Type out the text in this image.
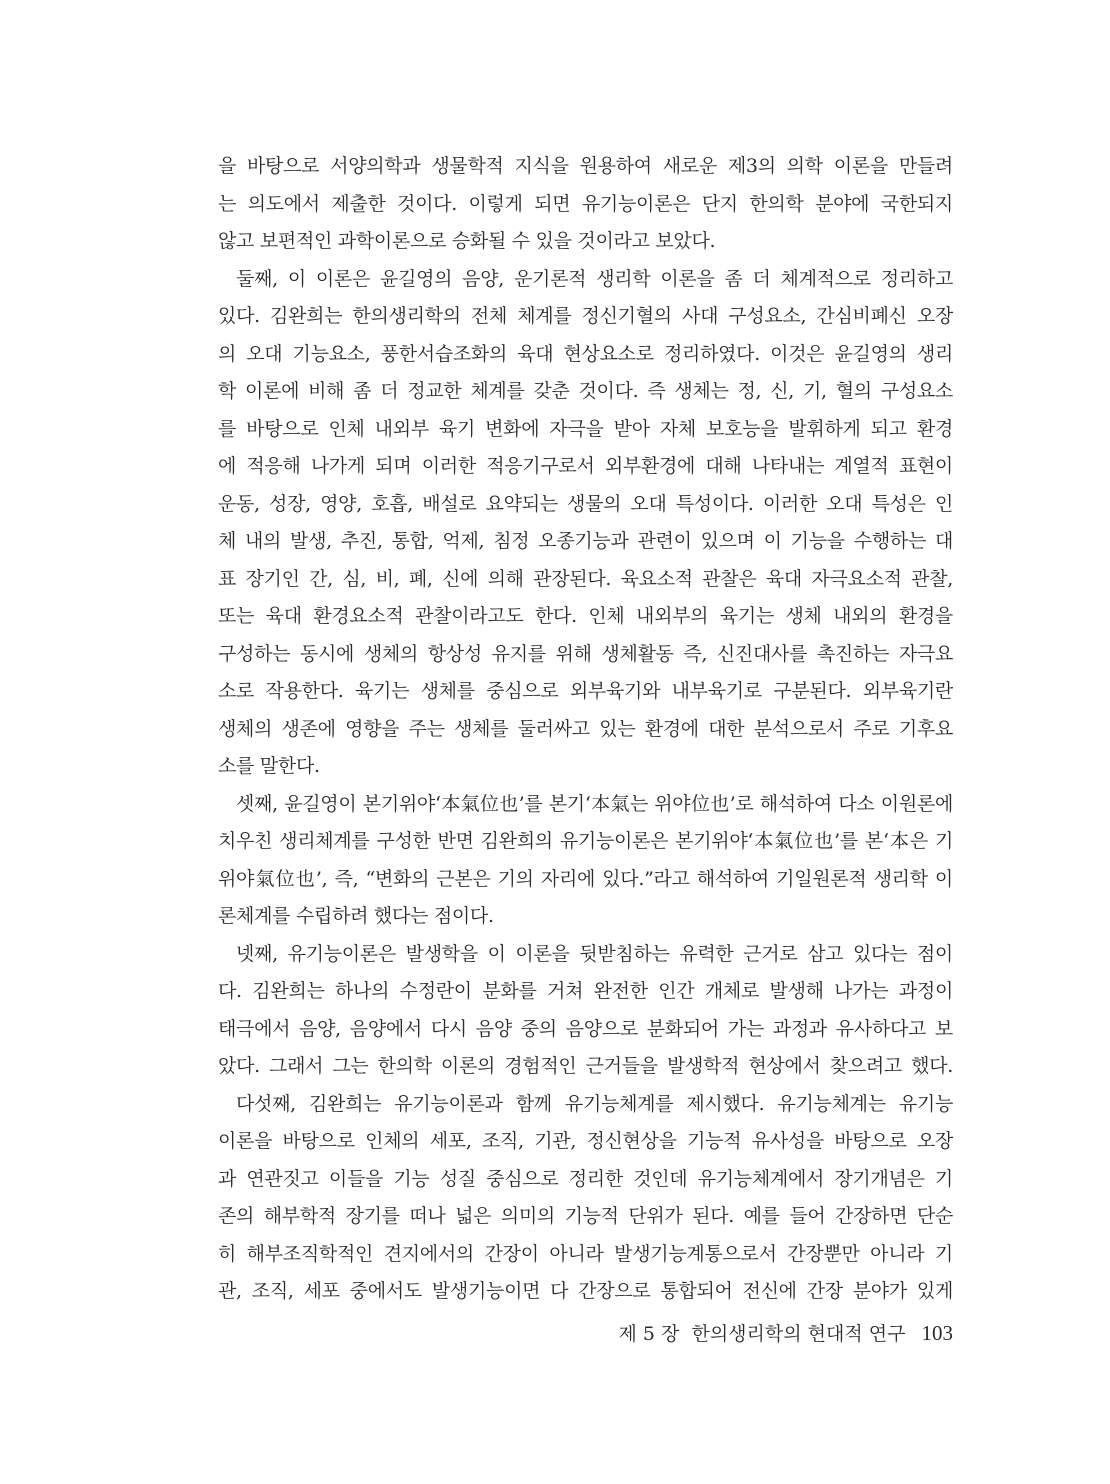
을 바탕으로 서양의학과 생물학적 지식을 원용하여 새로운 제3의 의학 이론을 만들려
는 의도에서 제출한 것이다. 이렇게 되면 유기능이론은 단지 한의학 분야에 국한되지
않고 보편적인 과학이론으로 승화될 수 있을 것이라고 보았다.
둘째, 이 이론은 윤길영의 음양, 운기론적 생리학 이론을 좀 더 체계적으로 정리하고
있다. 김완희는 한의생리학의 전체 체계를 정신기혈의 사대 구성요소, 간심비폐신 오장
의 오대 기능요소, 풍한서습조화의 육대 현상요소로 정리하였다. 이것은 윤길영의 생리
학 이론에 비해 좀 더 정교한 체계를 갖춘 것이다. 즉 생체는 정, 신, 기, 혈의 구성요소
를 바탕으로 인체 내외부 육기 변화에 자극을 받아 자체 보호능을 발휘하게 되고 환경
에 적응해 나가게 되며 이러한 적응기구로서 외부환경에 대해 나타내는 계열적 표현이
운동, 성장, 영양, 호흡, 배설로 요약되는 생물의 오대 특성이다. 이러한 오대 특성은 인
체 내의 발생, 추진, 통합, 억제, 침정 오종기능과 관련이 있으며 이 기능을 수행하는 대
표 장기인 간, 심, 비, 폐, 신에 의해 관장된다. 육요소적 관찰은 육대 자극요소적 관찰,
또는 육대 환경요소적 관찰이라고도 한다. 인체 내외부의 육기는 생체 내외의 환경을
구성하는 동시에 생체의 항상성 유지를 위해 생체활동 즉, 신진대사를 촉진하는 자극요
소로 작용한다. 육기는 생체를 중심으로 외부육기와 내부육기로 구분된다. 외부육기란
생체의 생존에 영향을 주는 생체를 둘러싸고 있는 환경에 대한 분석으로서 주로 기후요
소를 말한다.
셋째, 윤길영이 본기위야‘本氣位也’를 본기‘本氣는 위야位也’로 해석하여 다소 이원론에
치우친 생리체계를 구성한 반면 김완희의 유기능이론은 본기위야‘本氣位也’를 본‘本은 기
위야氣位也’, 즉, “변화의 근본은 기의 자리에 있다.”라고 해석하여 기일원론적 생리학 이
론체계를 수립하려 했다는 점이다.
넷째, 유기능이론은 발생학을 이 이론을 뒷받침하는 유력한 근거로 삼고 있다는 점이
다. 김완희는 하나의 수정란이 분화를 거쳐 완전한 인간 개체로 발생해 나가는 과정이
태극에서 음양, 음양에서 다시 음양 중의 음양으로 분화되어 가는 과정과 유사하다고 보
았다. 그래서 그는 한의학 이론의 경험적인 근거들을 발생학적 현상에서 찾으려고 했다.
다섯째, 김완희는 유기능이론과 함께 유기능체계를 제시했다. 유기능체계는 유기능
이론을 바탕으로 인체의 세포, 조직, 기관, 정신현상을 기능적 유사성을 바탕으로 오장
과 연관짓고 이들을 기능 성질 중심으로 정리한 것인데 유기능체계에서 장기개념은 기
존의 해부학적 장기를 떠나 넓은 의미의 기능적 단위가 된다. 예를 들어 간장하면 단순
히 해부조직학적인 견지에서의 간장이 아니라 발생기능계통으로서 간장뿐만 아니라 기
관, 조직, 세포 중에서도 발생기능이면 다 간장으로 통합되어 전신에 간장 분야가 있게
제 5 장 한의생리학의 현대적 연구 103
